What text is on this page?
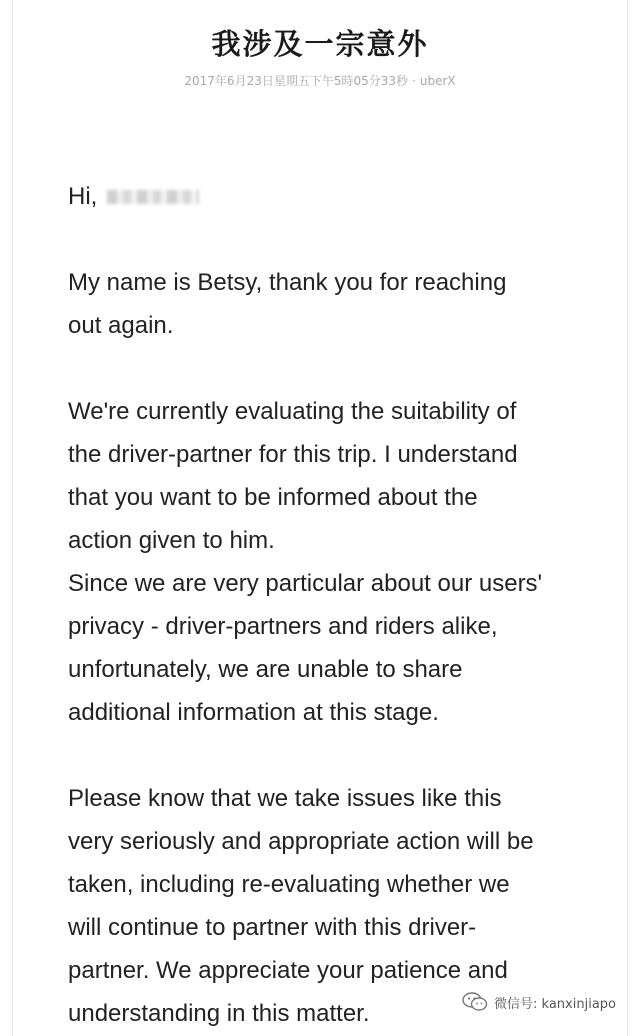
我涉及一宗意外
2017年6月23日星期五下午5時05分33秒 · uberX

Hi,

My name is Betsy, thank you for reaching
out again.

We're currently evaluating the suitability of
the driver-partner for this trip. I understand
that you want to be informed about the
action given to him.
Since we are very particular about our users'
privacy - driver-partners and riders alike,
unfortunately, we are unable to share
additional information at this stage.

Please know that we take issues like this
very seriously and appropriate action will be
taken, including re-evaluating whether we
will continue to partner with this driver-
partner. We appreciate your patience and
understanding in this matter.	微信号: kanxinjiapo
